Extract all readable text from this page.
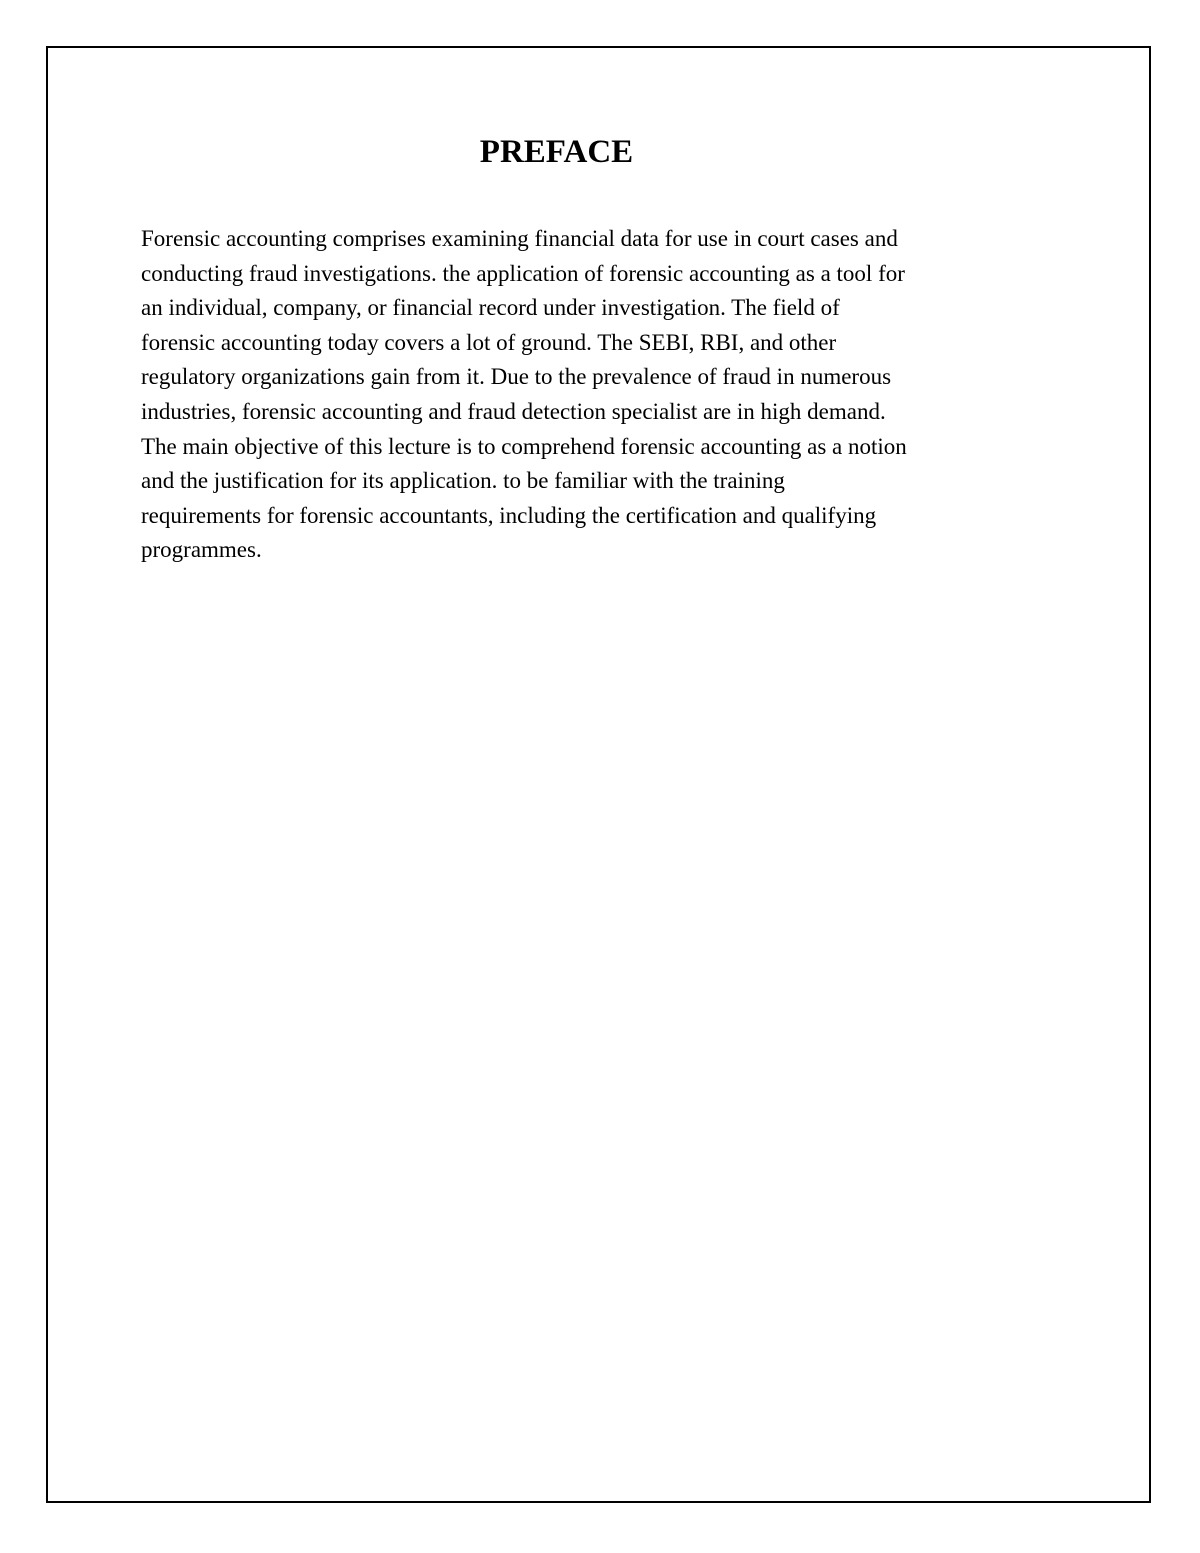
PREFACE

Forensic accounting comprises examining financial data for use in court cases and
conducting fraud investigations. the application of forensic accounting as a tool for
an individual, company, or financial record under investigation. The field of
forensic accounting today covers a lot of ground. The SEBI, RBI, and other
regulatory organizations gain from it. Due to the prevalence of fraud in numerous
industries, forensic accounting and fraud detection specialist are in high demand.
The main objective of this lecture is to comprehend forensic accounting as a notion
and the justification for its application. to be familiar with the training
requirements for forensic accountants, including the certification and qualifying
programmes.
